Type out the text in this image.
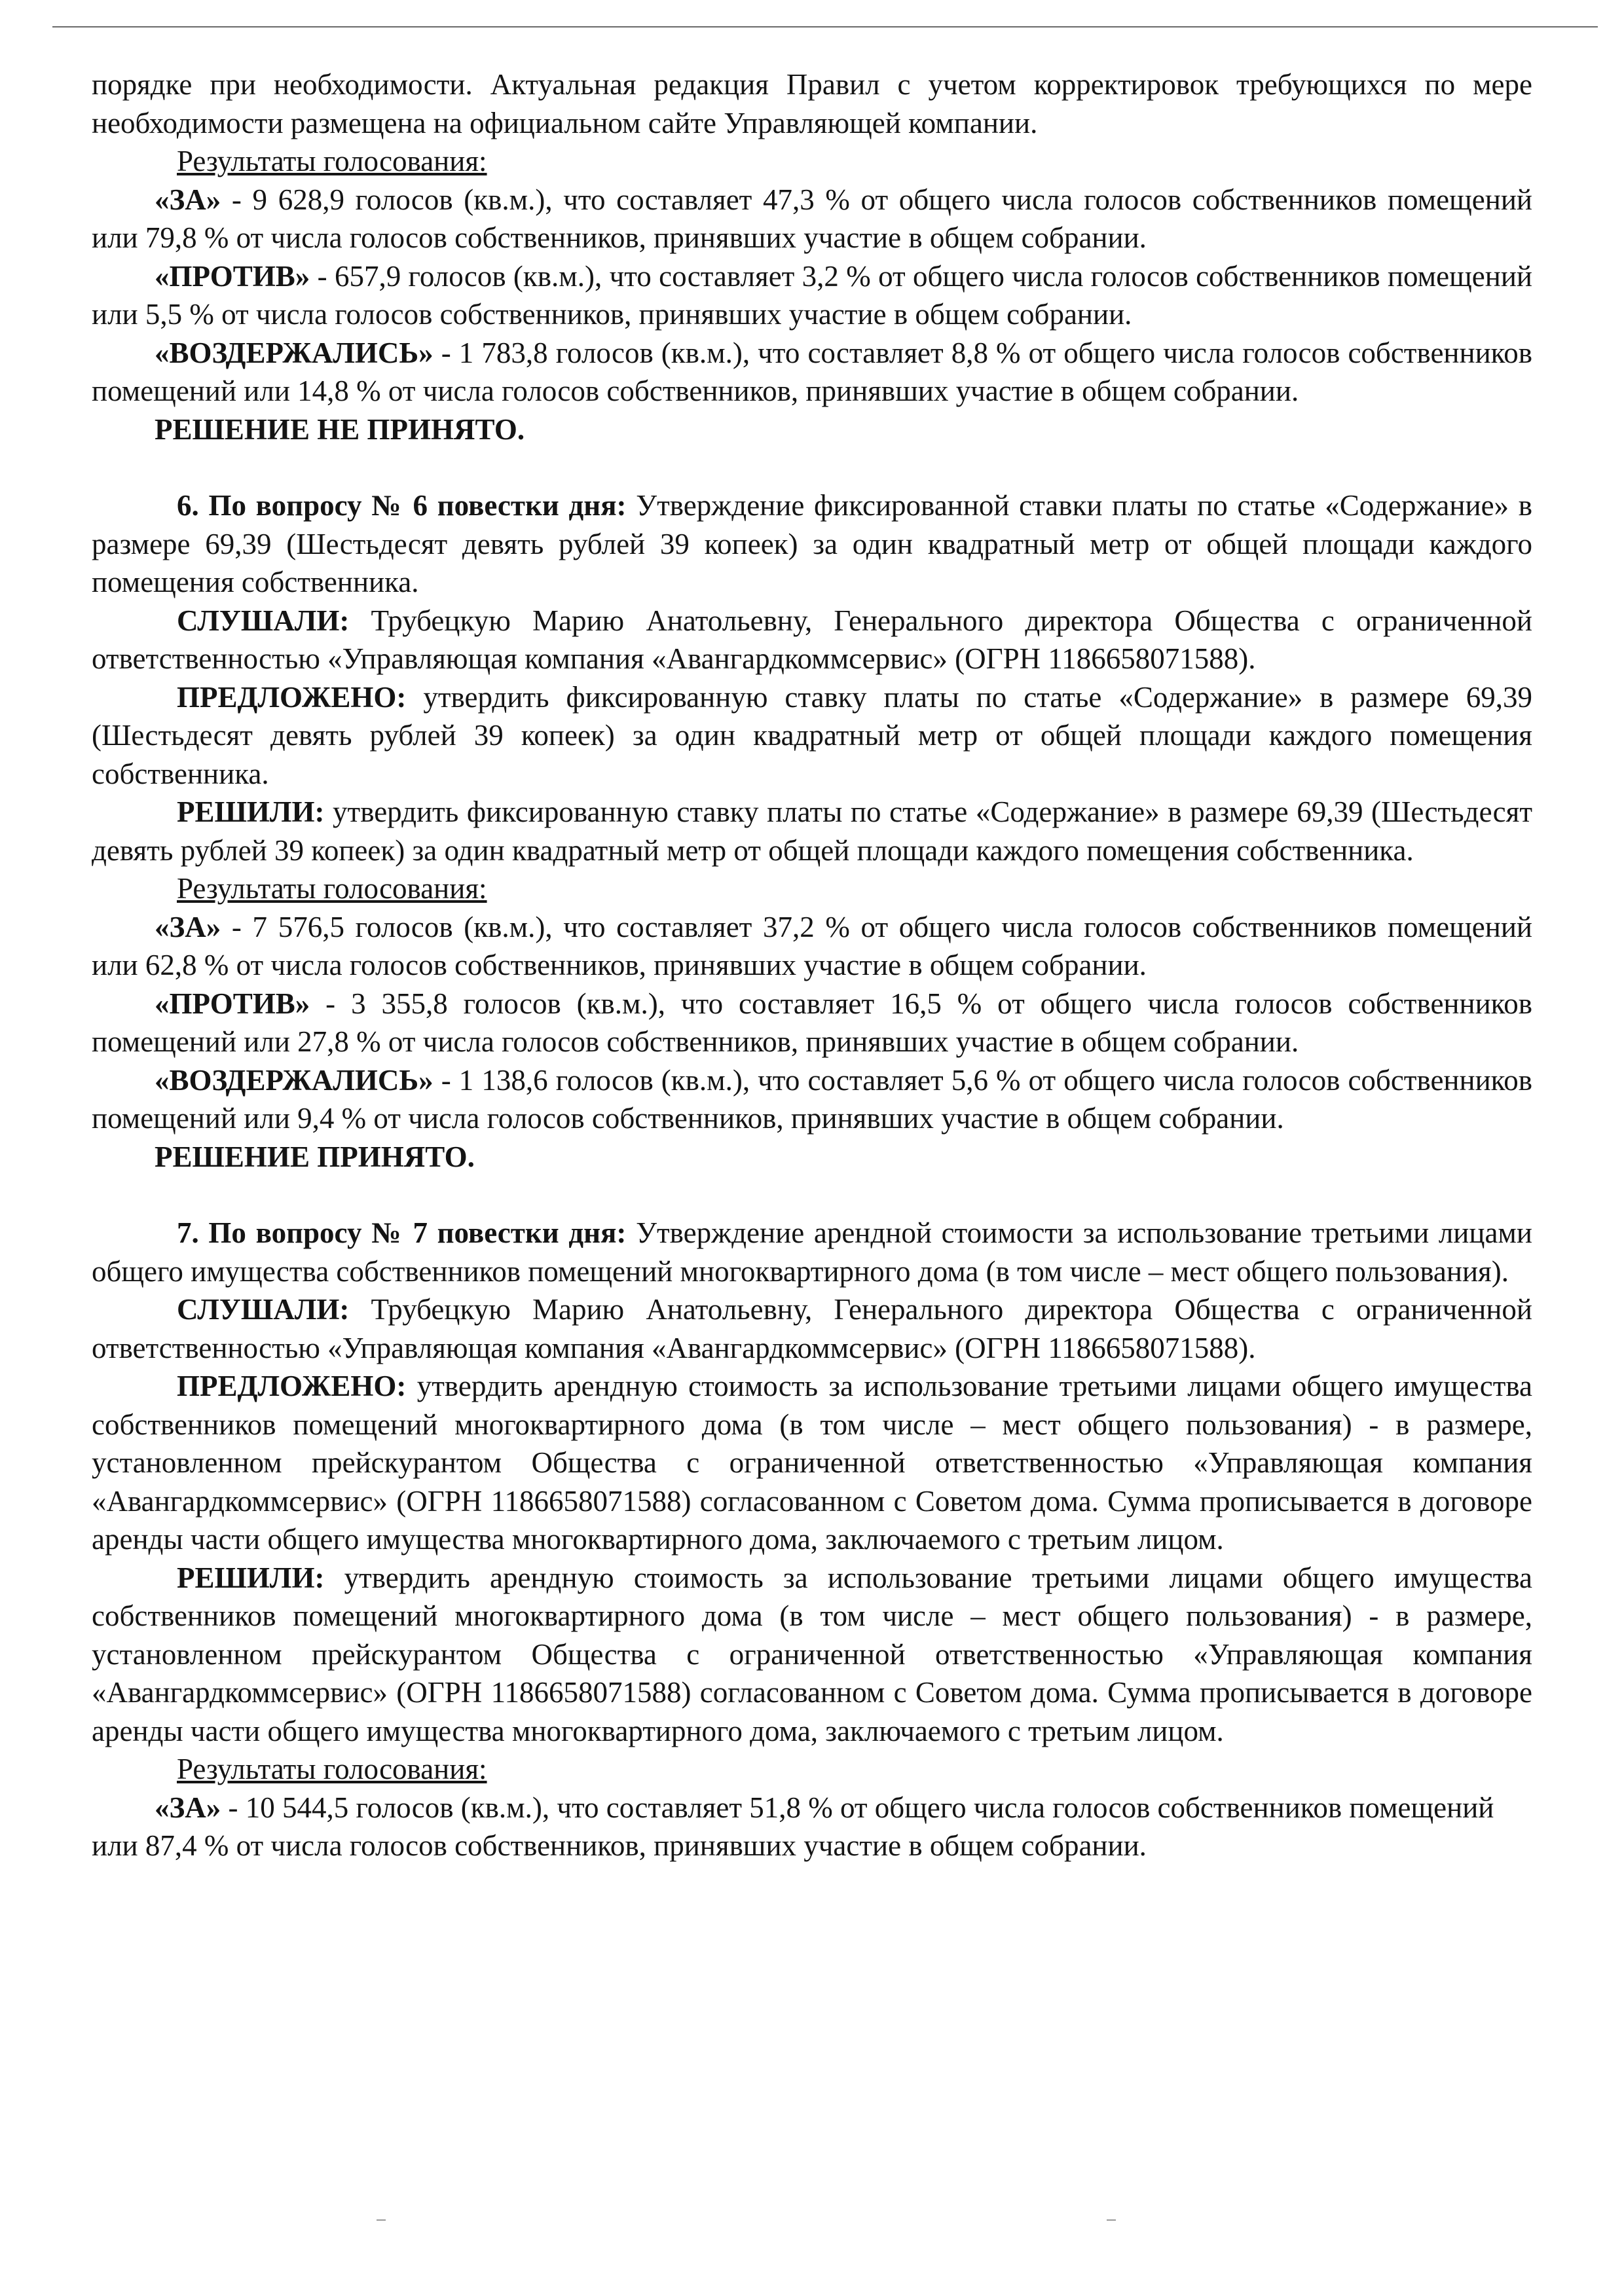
порядке при необходимости. Актуальная редакция Правил с учетом корректировок требующихся по мере необходимости размещена на официальном сайте Управляющей компании.

Результаты голосования:

«ЗА» - 9 628,9 голосов (кв.м.), что составляет 47,3 % от общего числа голосов собственников помещений или 79,8 % от числа голосов собственников, принявших участие в общем собрании.

«ПРОТИВ» - 657,9 голосов (кв.м.), что составляет 3,2 % от общего числа голосов собственников помещений или 5,5 % от числа голосов собственников, принявших участие в общем собрании.

«ВОЗДЕРЖАЛИСЬ» - 1 783,8 голосов (кв.м.), что составляет 8,8 % от общего числа голосов собственников помещений или 14,8 % от числа голосов собственников, принявших участие в общем собрании.

РЕШЕНИЕ НЕ ПРИНЯТО.

6. По вопросу № 6 повестки дня: Утверждение фиксированной ставки платы по статье «Содержание» в размере 69,39 (Шестьдесят девять рублей 39 копеек) за один квадратный метр от общей площади каждого помещения собственника.

СЛУШАЛИ: Трубецкую Марию Анатольевну, Генерального директора Общества с ограниченной ответственностью «Управляющая компания «Авангардкоммсервис» (ОГРН 1186658071588).

ПРЕДЛОЖЕНО: утвердить фиксированную ставку платы по статье «Содержание» в размере 69,39 (Шестьдесят девять рублей 39 копеек) за один квадратный метр от общей площади каждого помещения собственника.

РЕШИЛИ: утвердить фиксированную ставку платы по статье «Содержание» в размере 69,39 (Шестьдесят девять рублей 39 копеек) за один квадратный метр от общей площади каждого помещения собственника.

Результаты голосования:

«ЗА» - 7 576,5 голосов (кв.м.), что составляет 37,2 % от общего числа голосов собственников помещений или 62,8 % от числа голосов собственников, принявших участие в общем собрании.

«ПРОТИВ» - 3 355,8 голосов (кв.м.), что составляет 16,5 % от общего числа голосов собственников помещений или 27,8 % от числа голосов собственников, принявших участие в общем собрании.

«ВОЗДЕРЖАЛИСЬ» - 1 138,6 голосов (кв.м.), что составляет 5,6 % от общего числа голосов собственников помещений или 9,4 % от числа голосов собственников, принявших участие в общем собрании.

РЕШЕНИЕ ПРИНЯТО.

7. По вопросу № 7 повестки дня: Утверждение арендной стоимости за использование третьими лицами общего имущества собственников помещений многоквартирного дома (в том числе – мест общего пользования).

СЛУШАЛИ: Трубецкую Марию Анатольевну, Генерального директора Общества с ограниченной ответственностью «Управляющая компания «Авангардкоммсервис» (ОГРН 1186658071588).

ПРЕДЛОЖЕНО: утвердить арендную стоимость за использование третьими лицами общего имущества собственников помещений многоквартирного дома (в том числе – мест общего пользования) - в размере, установленном прейскурантом Общества с ограниченной ответственностью «Управляющая компания «Авангардкоммсервис» (ОГРН 1186658071588) согласованном с Советом дома. Сумма прописывается в договоре аренды части общего имущества многоквартирного дома, заключаемого с третьим лицом.

РЕШИЛИ: утвердить арендную стоимость за использование третьими лицами общего имущества собственников помещений многоквартирного дома (в том числе – мест общего пользования) - в размере, установленном прейскурантом Общества с ограниченной ответственностью «Управляющая компания «Авангардкоммсервис» (ОГРН 1186658071588) согласованном с Советом дома. Сумма прописывается в договоре аренды части общего имущества многоквартирного дома, заключаемого с третьим лицом.

Результаты голосования:

«ЗА» - 10 544,5 голосов (кв.м.), что составляет 51,8 % от общего числа голосов собственников помещений или 87,4 % от числа голосов собственников, принявших участие в общем собрании.
